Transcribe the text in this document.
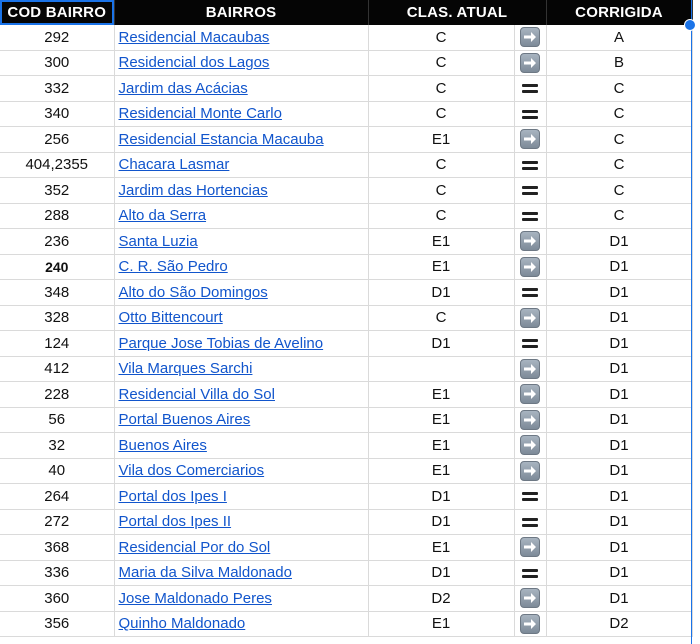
COD BAIRRO	BAIRROS	CLAS. ATUAL		CORRIGIDA
292	Residencial Macaubas	C		A
300	Residencial dos Lagos	C		B
332	Jardim das Acácias	C		C
340	Residencial Monte Carlo	C		C
256	Residencial Estancia Macauba	E1		C
404,2355	Chacara Lasmar	C		C
352	Jardim das Hortencias	C		C
288	Alto da Serra	C		C
236	Santa Luzia	E1		D1
240	C. R. São Pedro	E1		D1
348	Alto do São Domingos	D1		D1
328	Otto Bittencourt	C		D1
124	Parque Jose Tobias de Avelino	D1		D1
412	Vila Marques Sarchi			D1
228	Residencial Villa do Sol	E1		D1
56	Portal Buenos Aires	E1		D1
32	Buenos Aires	E1		D1
40	Vila dos Comerciarios	E1		D1
264	Portal dos Ipes I	D1		D1
272	Portal dos Ipes II	D1		D1
368	Residencial Por do Sol	E1		D1
336	Maria da Silva Maldonado	D1		D1
360	Jose Maldonado Peres	D2		D1
356	Quinho Maldonado	E1		D2
